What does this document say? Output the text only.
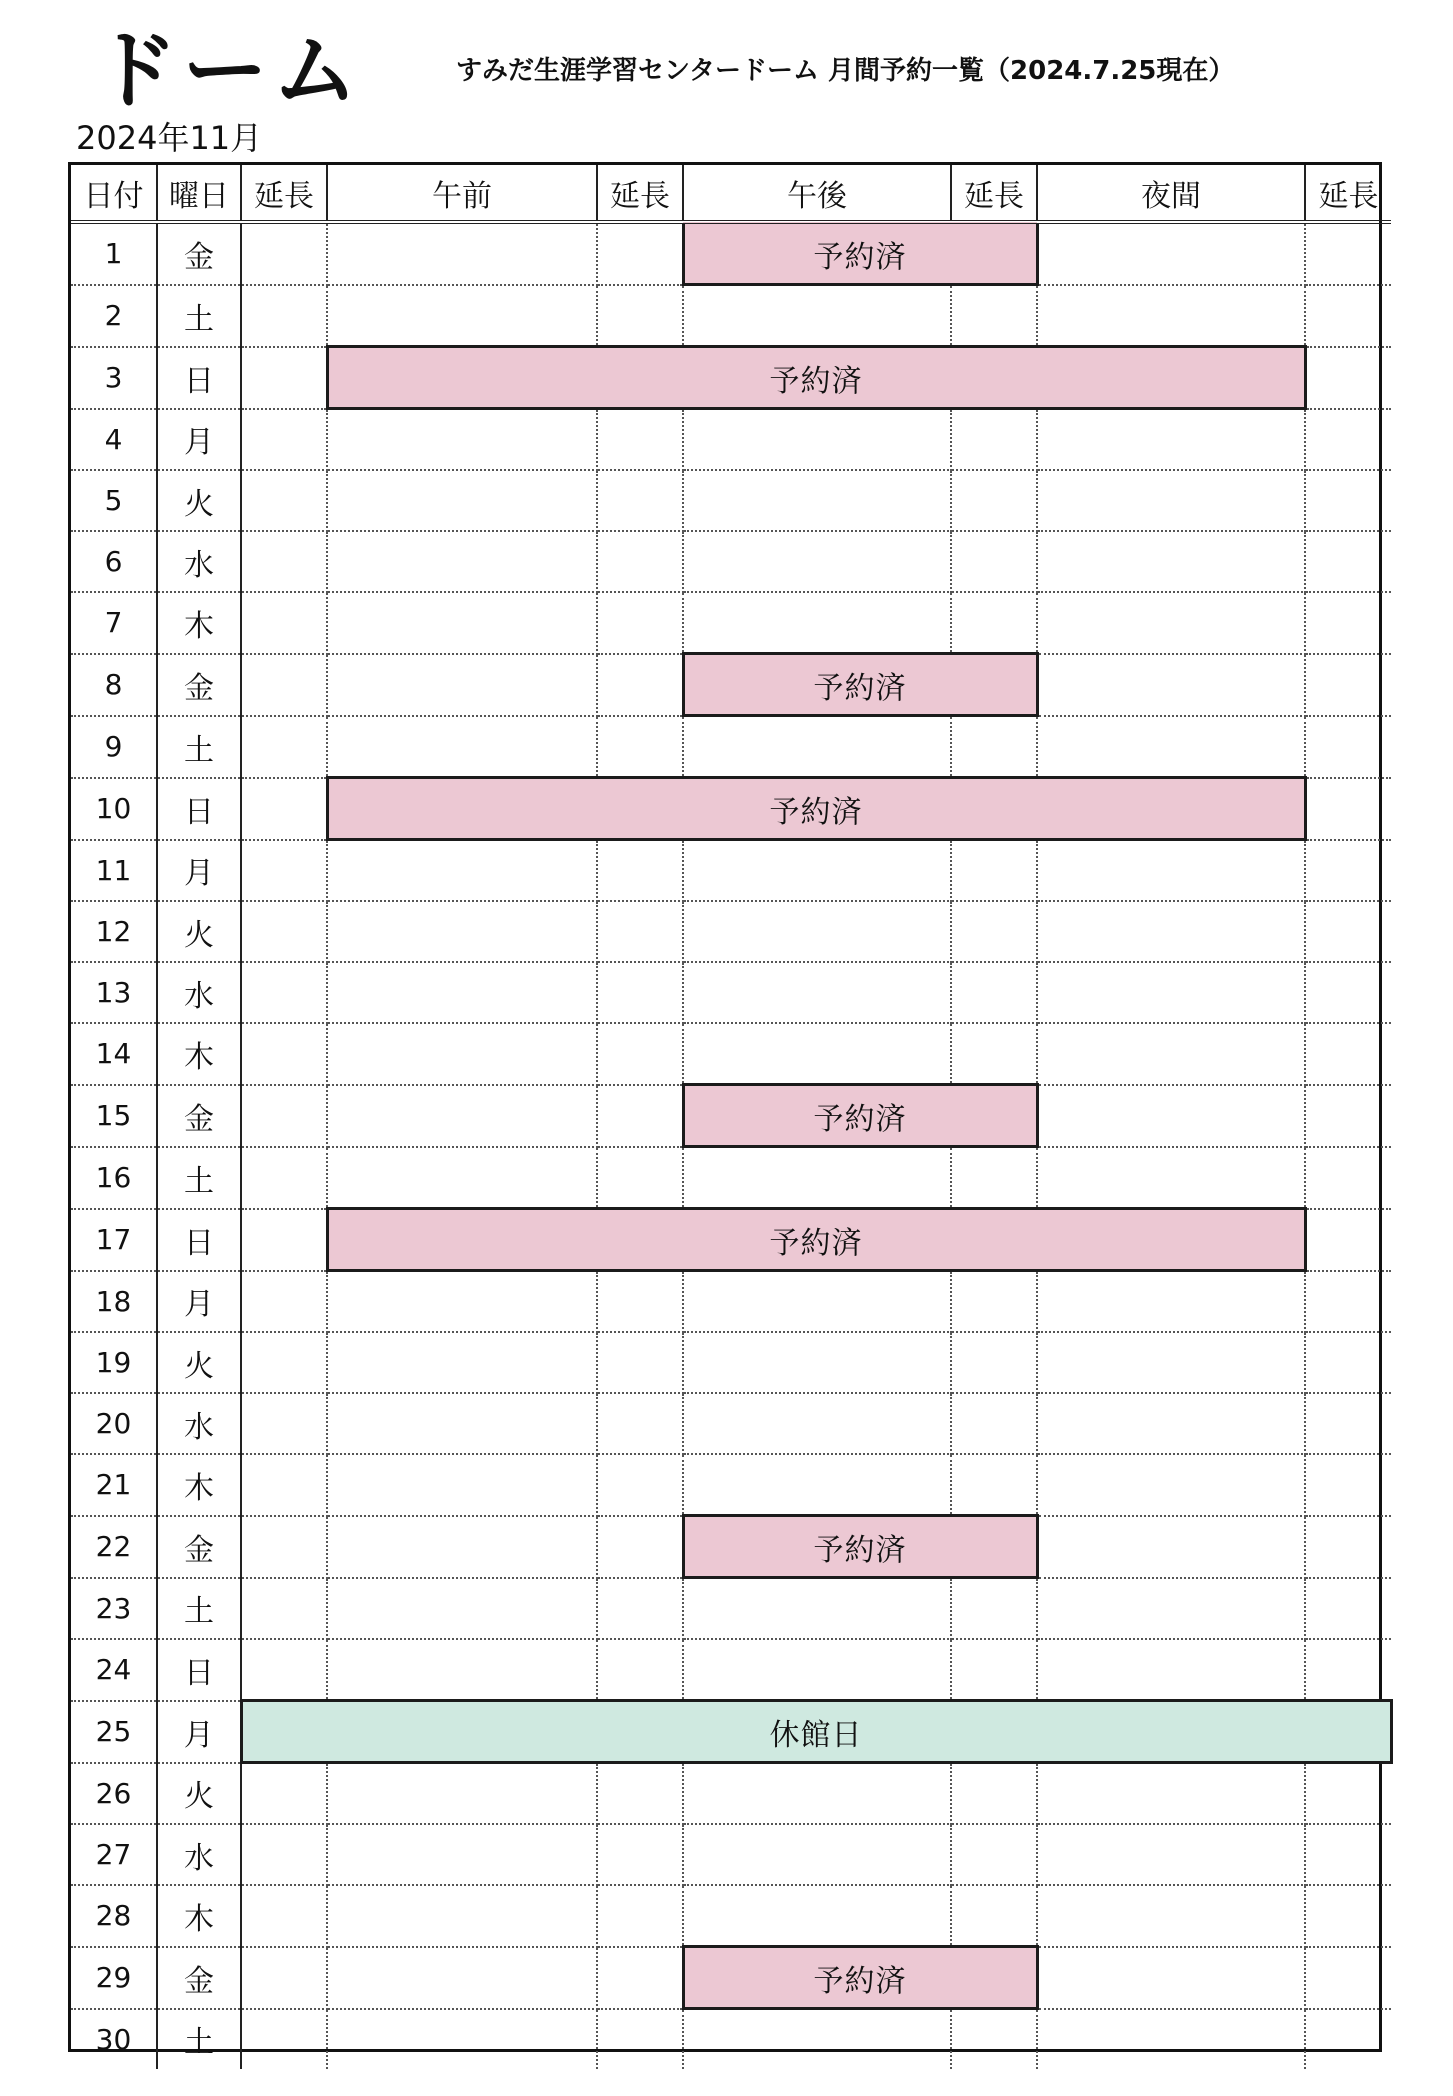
ドーム	すみだ生涯学習センタードーム 月間予約一覧（2024.7.25現在）
2024年11月
日付	曜日	延長	午前	延長	午後	延長	夜間	延長
1	金				予約済			
2	土							
3	日		予約済					
4	月							
5	火							
6	水							
7	木							
8	金				予約済			
9	土							
10	日		予約済					
11	月							
12	火							
13	水							
14	木							
15	金				予約済			
16	土							
17	日		予約済					
18	月							
19	火							
20	水							
21	木							
22	金				予約済			
23	土							
24	日							
25	月	休館日						
26	火							
27	水							
28	木							
29	金				予約済			
30	土							
